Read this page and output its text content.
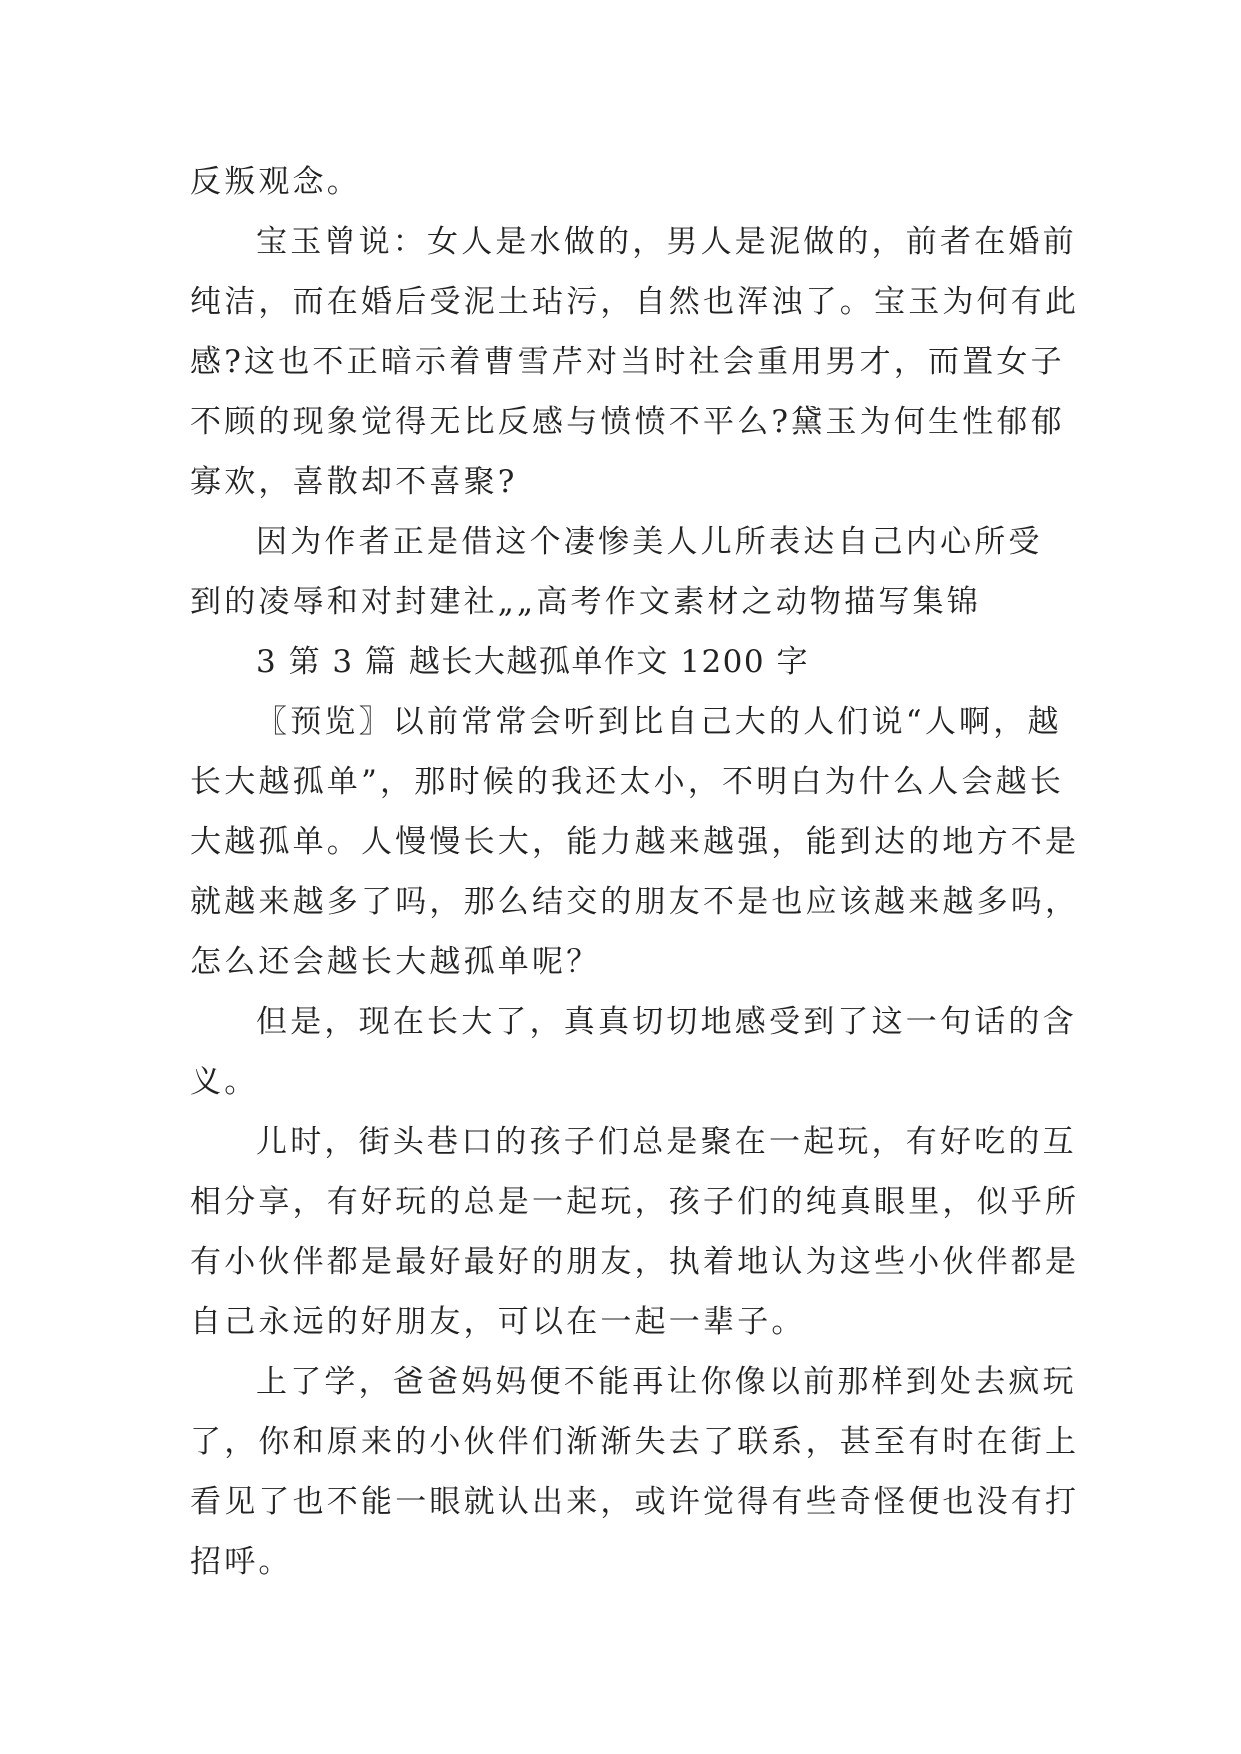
反叛观念。

宝玉曾说：女人是水做的，男人是泥做的，前者在婚前

纯洁，而在婚后受泥土玷污，自然也浑浊了。宝玉为何有此

感?这也不正暗示着曹雪芹对当时社会重用男才，而置女子

不顾的现象觉得无比反感与愤愤不平么?黛玉为何生性郁郁

寡欢，喜散却不喜聚?

因为作者正是借这个凄惨美人儿所表达自己内心所受

到的凌辱和对封建社„„高考作文素材之动物描写集锦

3 第 3 篇 越长大越孤单作文 1200 字

〖预览〗以前常常会听到比自己大的人们说“人啊，越

长大越孤单”，那时候的我还太小，不明白为什么人会越长

大越孤单。人慢慢长大，能力越来越强，能到达的地方不是

就越来越多了吗，那么结交的朋友不是也应该越来越多吗，

怎么还会越长大越孤单呢？

但是，现在长大了，真真切切地感受到了这一句话的含

义。

儿时，街头巷口的孩子们总是聚在一起玩，有好吃的互

相分享，有好玩的总是一起玩，孩子们的纯真眼里，似乎所

有小伙伴都是最好最好的朋友，执着地认为这些小伙伴都是

自己永远的好朋友，可以在一起一辈子。

上了学，爸爸妈妈便不能再让你像以前那样到处去疯玩

了，你和原来的小伙伴们渐渐失去了联系，甚至有时在街上

看见了也不能一眼就认出来，或许觉得有些奇怪便也没有打

招呼。
